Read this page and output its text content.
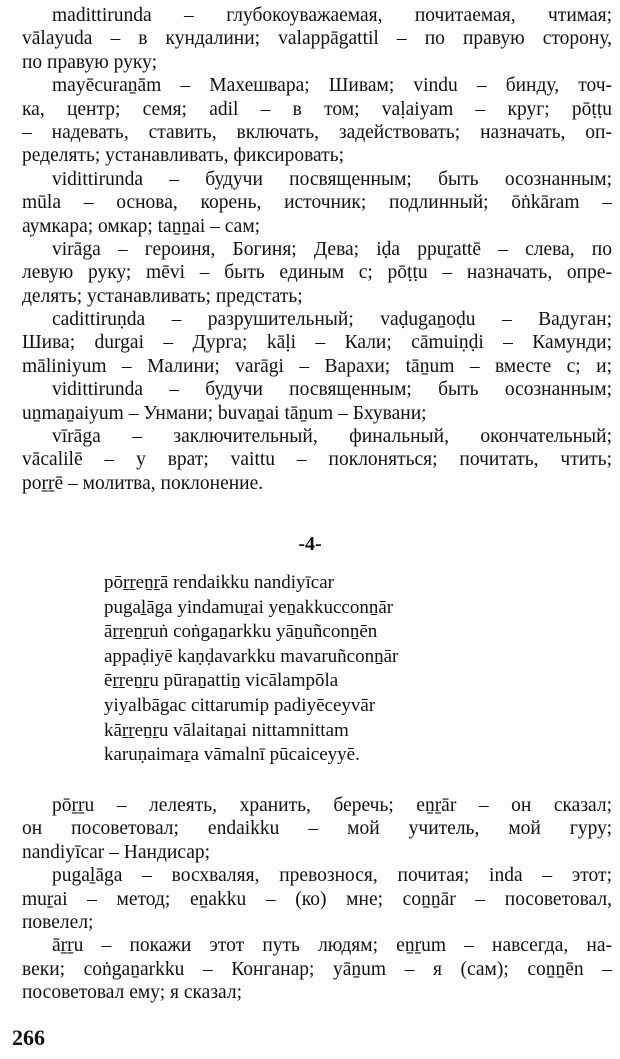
madittirunda – глубокоуважаемая, почитаемая, чтимая;
vālayuda – в кундалини; valappāgattil – по правую сторону,
по правую руку;
mayēcuraṉām – Махешвара; Шивам; vindu – бинду, точ-
ка, центр; семя; adil – в том; vaḷaiyam – круг; pōṭṭu
– надевать, ставить, включать, задействовать; назначать, оп-
ределять; устанавливать, фиксировать;
vidittirunda – будучи посвященным; быть осознанным;
mūla – основа, корень, источник; подлинный; ōṅkāram –
аумкара; омкар; taṉṉai – сам;
virāga – героиня, Богиня; Дева; iḍa ppuṟattē – слева, по
левую руку; mēvi – быть единым с; pōṭṭu – назначать, опре-
делять; устанавливать; предстать;
cadittiruṇda – разрушительный; vaḍugaṉoḍu – Вадуган;
Шива; durgai – Дурга; kāḷi – Кали; cāmuiṇḍi – Камунди;
māliniyum – Малини; varāgi – Варахи; tāṉum – вместе с; и;
vidittirunda – будучи посвященным; быть осознанным;
uṉmaṉaiyum – Унмани; buvaṉai tāṉum – Бхувани;
vīrāga – заключительный, финальный, окончательный;
vācalilē – у врат; vaittu – поклоняться; почитать, чтить;
poṟṟē – молитва, поклонение.
-4-
pōṟṟeṉṟā rendaikku nandiyīcar
pugaḻāga yindamuṟai yeṉakkucconṉār
āṟṟeṉṟuṅ coṅgaṉarkku yāṉuñconṉēn
appaḍiyē kaṇḍavarkku mavaruñconṉār
ēṟṟeṉṟu pūraṉattiṉ vicālampōla
yiyalbāgac cittarumip padiyēceyvār
kāṟṟeṉṟu vālaitaṉai nittamnittam
karuṇaimaṟa vāmalnī pūcaiceyyē.
pōṟṟu – лелеять, хранить, беречь; eṉṟār – он сказал;
он посоветовал; endaikku – мой учитель, мой гуру;
nandiyīcar – Нандисар;
pugaḻāga – восхваляя, превознося, почитая; inda – этот;
muṟai – метод; eṉakku – (ко) мне; coṉṉār – посоветовал,
повелел;
āṟṟu – покажи этот путь людям; eṉṟum – навсегда, на-
веки; coṅgaṉarkku – Конганар; yāṉum – я (сам); coṉṉēn –
посоветовал ему; я сказал;
266
